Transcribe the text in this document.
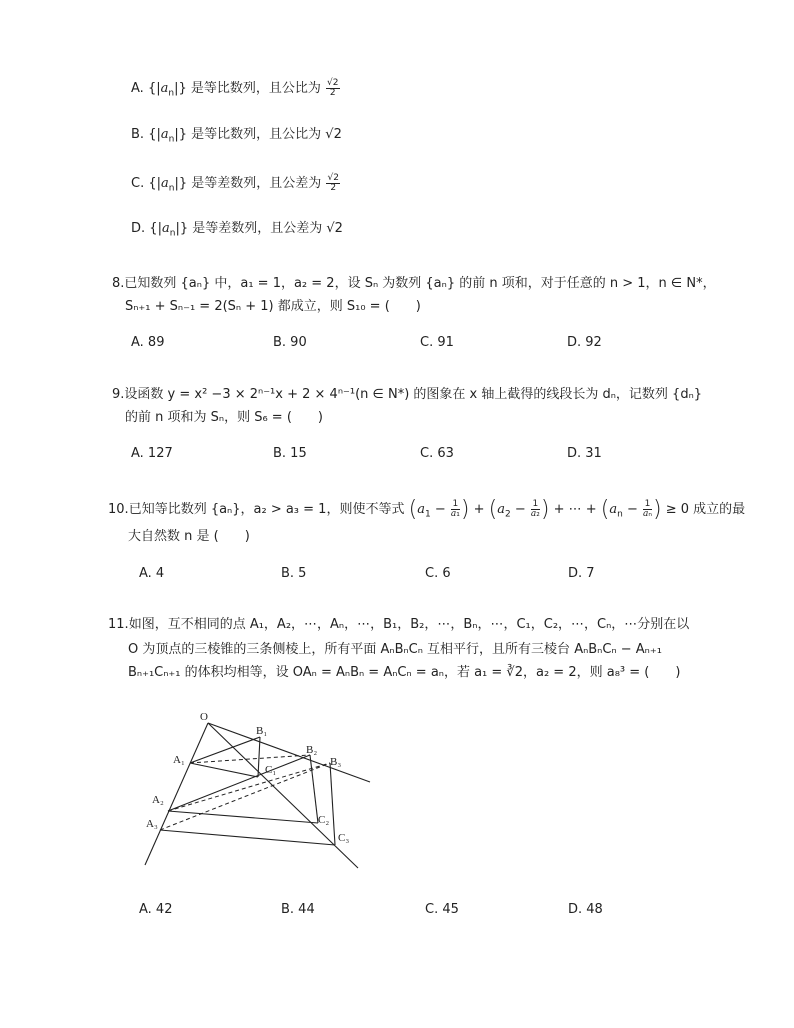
A. $\{|a_n|\}$ 是等比数列，且公比为 $\frac{√2}{2}$
B. $\{|a_n|\}$ 是等比数列，且公比为 √2
C. $\{|a_n|\}$ 是等差数列，且公差为 $\frac{√2}{2}$
D. $\{|a_n|\}$ 是等差数列，且公差为 √2
8.已知数列 {aₙ} 中，a₁ = 1，a₂ = 2，设 Sₙ 为数列 {aₙ} 的前 n 项和，对于任意的 n > 1，n ∈ N*，
Sₙ₊₁ + Sₙ₋₁ = 2(Sₙ + 1) 都成立，则 S₁₀ = (　　)
A. 89	B. 90	C. 91	D. 92
9.设函数 y = x² −3 × 2ⁿ⁻¹x + 2 × 4ⁿ⁻¹(n ∈ N*) 的图象在 x 轴上截得的线段长为 dₙ，记数列 {dₙ}
的前 n 项和为 Sₙ，则 S₆ = (　　)
A. 127	B. 15	C. 63	D. 31
10.已知等比数列 {aₙ}，a₂ > a₃ = 1，则使不等式 ($a_1 - \frac{1}{\text{a₁}}$ ) + ($a_2 - \frac{1}{\text{a₂}}$ ) + ⋯ + ($a_n - \frac{1}{\text{aₙ}}$ ) ≥ 0 成立的最
大自然数 n 是 (　　)
A. 4	B. 5	C. 6	D. 7
11.如图，互不相同的点 A₁，A₂，⋯，Aₙ，⋯，B₁，B₂，⋯，Bₙ，⋯，C₁，C₂，⋯，Cₙ，⋯分别在以
O 为顶点的三棱锥的三条侧棱上，所有平面 AₙBₙCₙ 互相平行，且所有三棱台 AₙBₙCₙ − Aₙ₊₁
Bₙ₊₁Cₙ₊₁ 的体积均相等，设 OAₙ = AₙBₙ = AₙCₙ = aₙ，若 a₁ = ∛2，a₂ = 2，则 a₈³ = (　　)
O
B₁
B₂
B₃
A₁
C₁
A₂
A₃	C₂
C₃
A. 42	B. 44	C. 45	D. 48
